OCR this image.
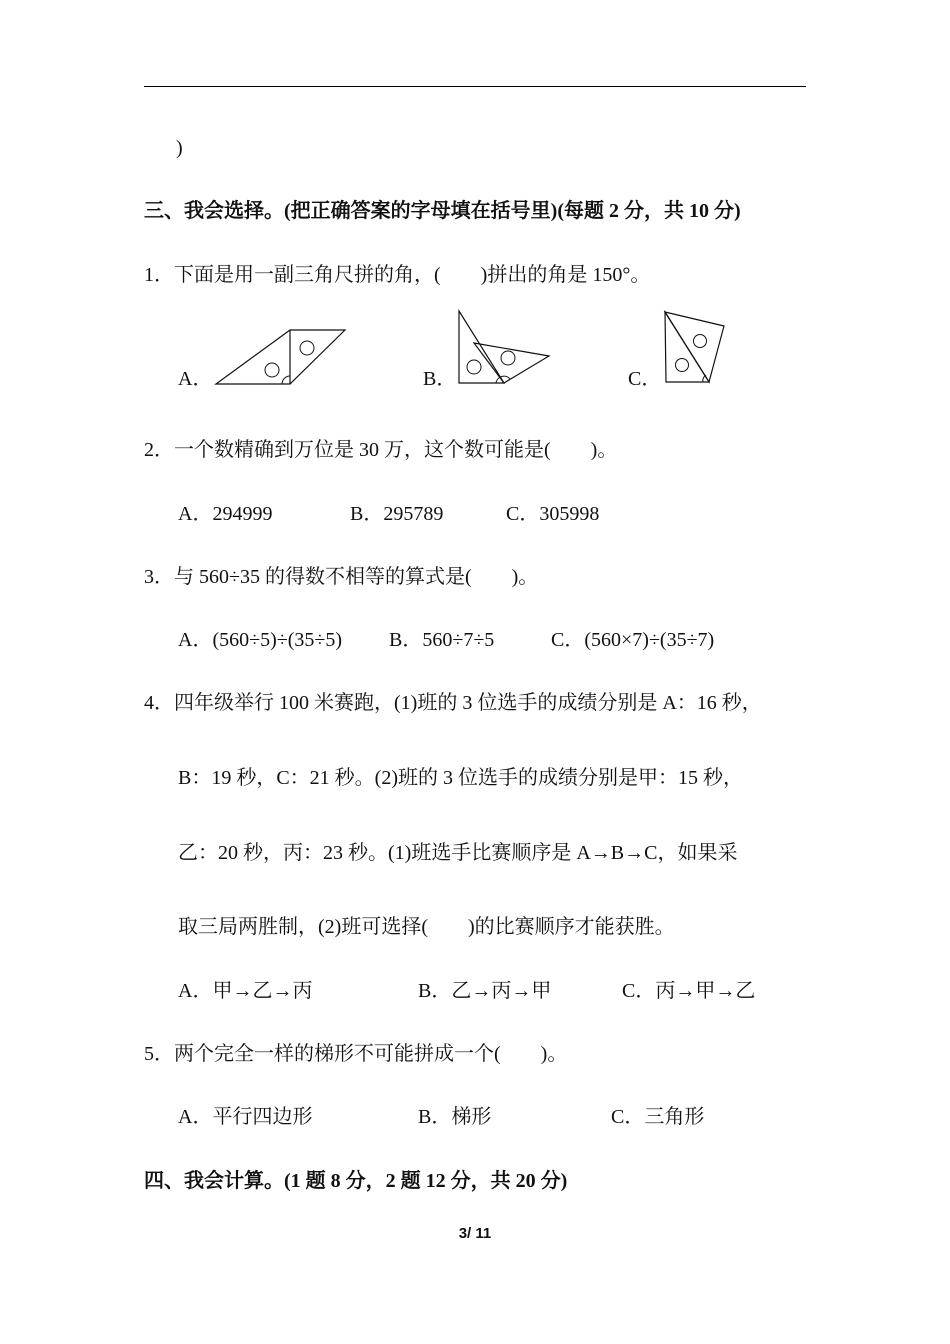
)
三、我会选择。(把正确答案的字母填在括号里)(每题 2 分，共 10 分)
1．下面是用一副三角尺拼的角，(　　)拼出的角是 150°。
A．	B．	C．
2．一个数精确到万位是 30 万，这个数可能是(　　)。
A．294999	B．295789	C．305998
3．与 560÷35 的得数不相等的算式是(　　)。
A．(560÷5)÷(35÷5) B．560÷7÷5	C．(560×7)÷(35÷7)
4．四年级举行 100 米赛跑，(1)班的 3 位选手的成绩分别是 A：16 秒，
B：19 秒，C：21 秒。(2)班的 3 位选手的成绩分别是甲：15 秒，
乙：20 秒，丙：23 秒。(1)班选手比赛顺序是 A→B→C，如果采
取三局两胜制，(2)班可选择(　　)的比赛顺序才能获胜。
A．甲→乙→丙	B．乙→丙→甲	C．丙→甲→乙
5．两个完全一样的梯形不可能拼成一个(　　)。
A．平行四边形	B．梯形	C．三角形
四、我会计算。(1 题 8 分，2 题 12 分，共 20 分)
3/ 11
